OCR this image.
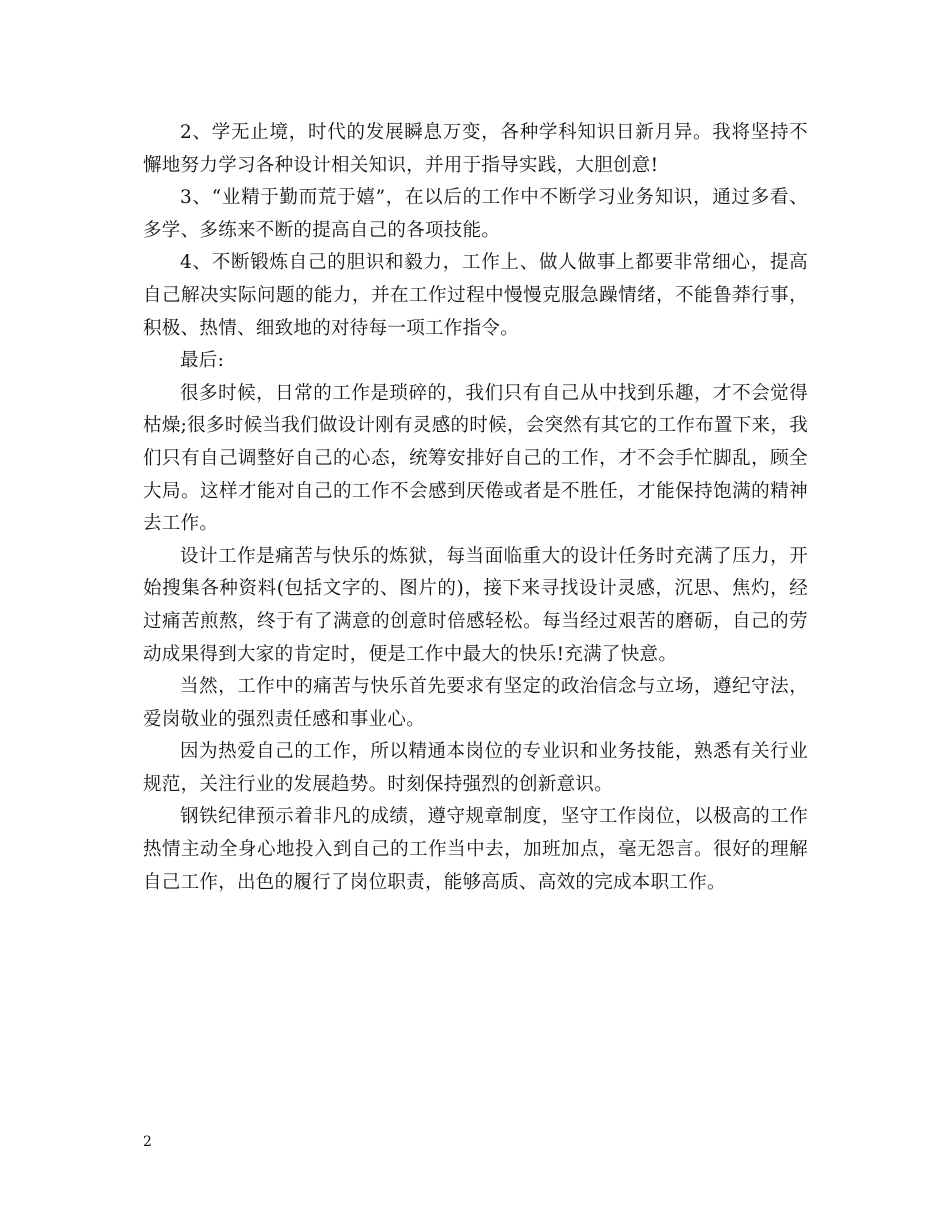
2、学无止境，时代的发展瞬息万变，各种学科知识日新月异。我将坚持不懈地努力学习各种设计相关知识，并用于指导实践，大胆创意!

3、“业精于勤而荒于嬉”，在以后的工作中不断学习业务知识，通过多看、多学、多练来不断的提高自己的各项技能。

4、不断锻炼自己的胆识和毅力，工作上、做人做事上都要非常细心，提高自己解决实际问题的能力，并在工作过程中慢慢克服急躁情绪，不能鲁莽行事，积极、热情、细致地的对待每一项工作指令。

最后:

很多时候，日常的工作是琐碎的，我们只有自己从中找到乐趣，才不会觉得枯燥;很多时候当我们做设计刚有灵感的时候，会突然有其它的工作布置下来，我们只有自己调整好自己的心态，统筹安排好自己的工作，才不会手忙脚乱，顾全大局。这样才能对自己的工作不会感到厌倦或者是不胜任，才能保持饱满的精神去工作。

设计工作是痛苦与快乐的炼狱，每当面临重大的设计任务时充满了压力，开始搜集各种资料(包括文字的、图片的)，接下来寻找设计灵感，沉思、焦灼，经过痛苦煎熬，终于有了满意的创意时倍感轻松。每当经过艰苦的磨砺，自己的劳动成果得到大家的肯定时，便是工作中最大的快乐!充满了快意。

当然，工作中的痛苦与快乐首先要求有坚定的政治信念与立场，遵纪守法，爱岗敬业的强烈责任感和事业心。

因为热爱自己的工作，所以精通本岗位的专业识和业务技能，熟悉有关行业规范，关注行业的发展趋势。时刻保持强烈的创新意识。

钢铁纪律预示着非凡的成绩，遵守规章制度，坚守工作岗位，以极高的工作热情主动全身心地投入到自己的工作当中去，加班加点，毫无怨言。很好的理解自己工作，出色的履行了岗位职责，能够高质、高效的完成本职工作。

2
